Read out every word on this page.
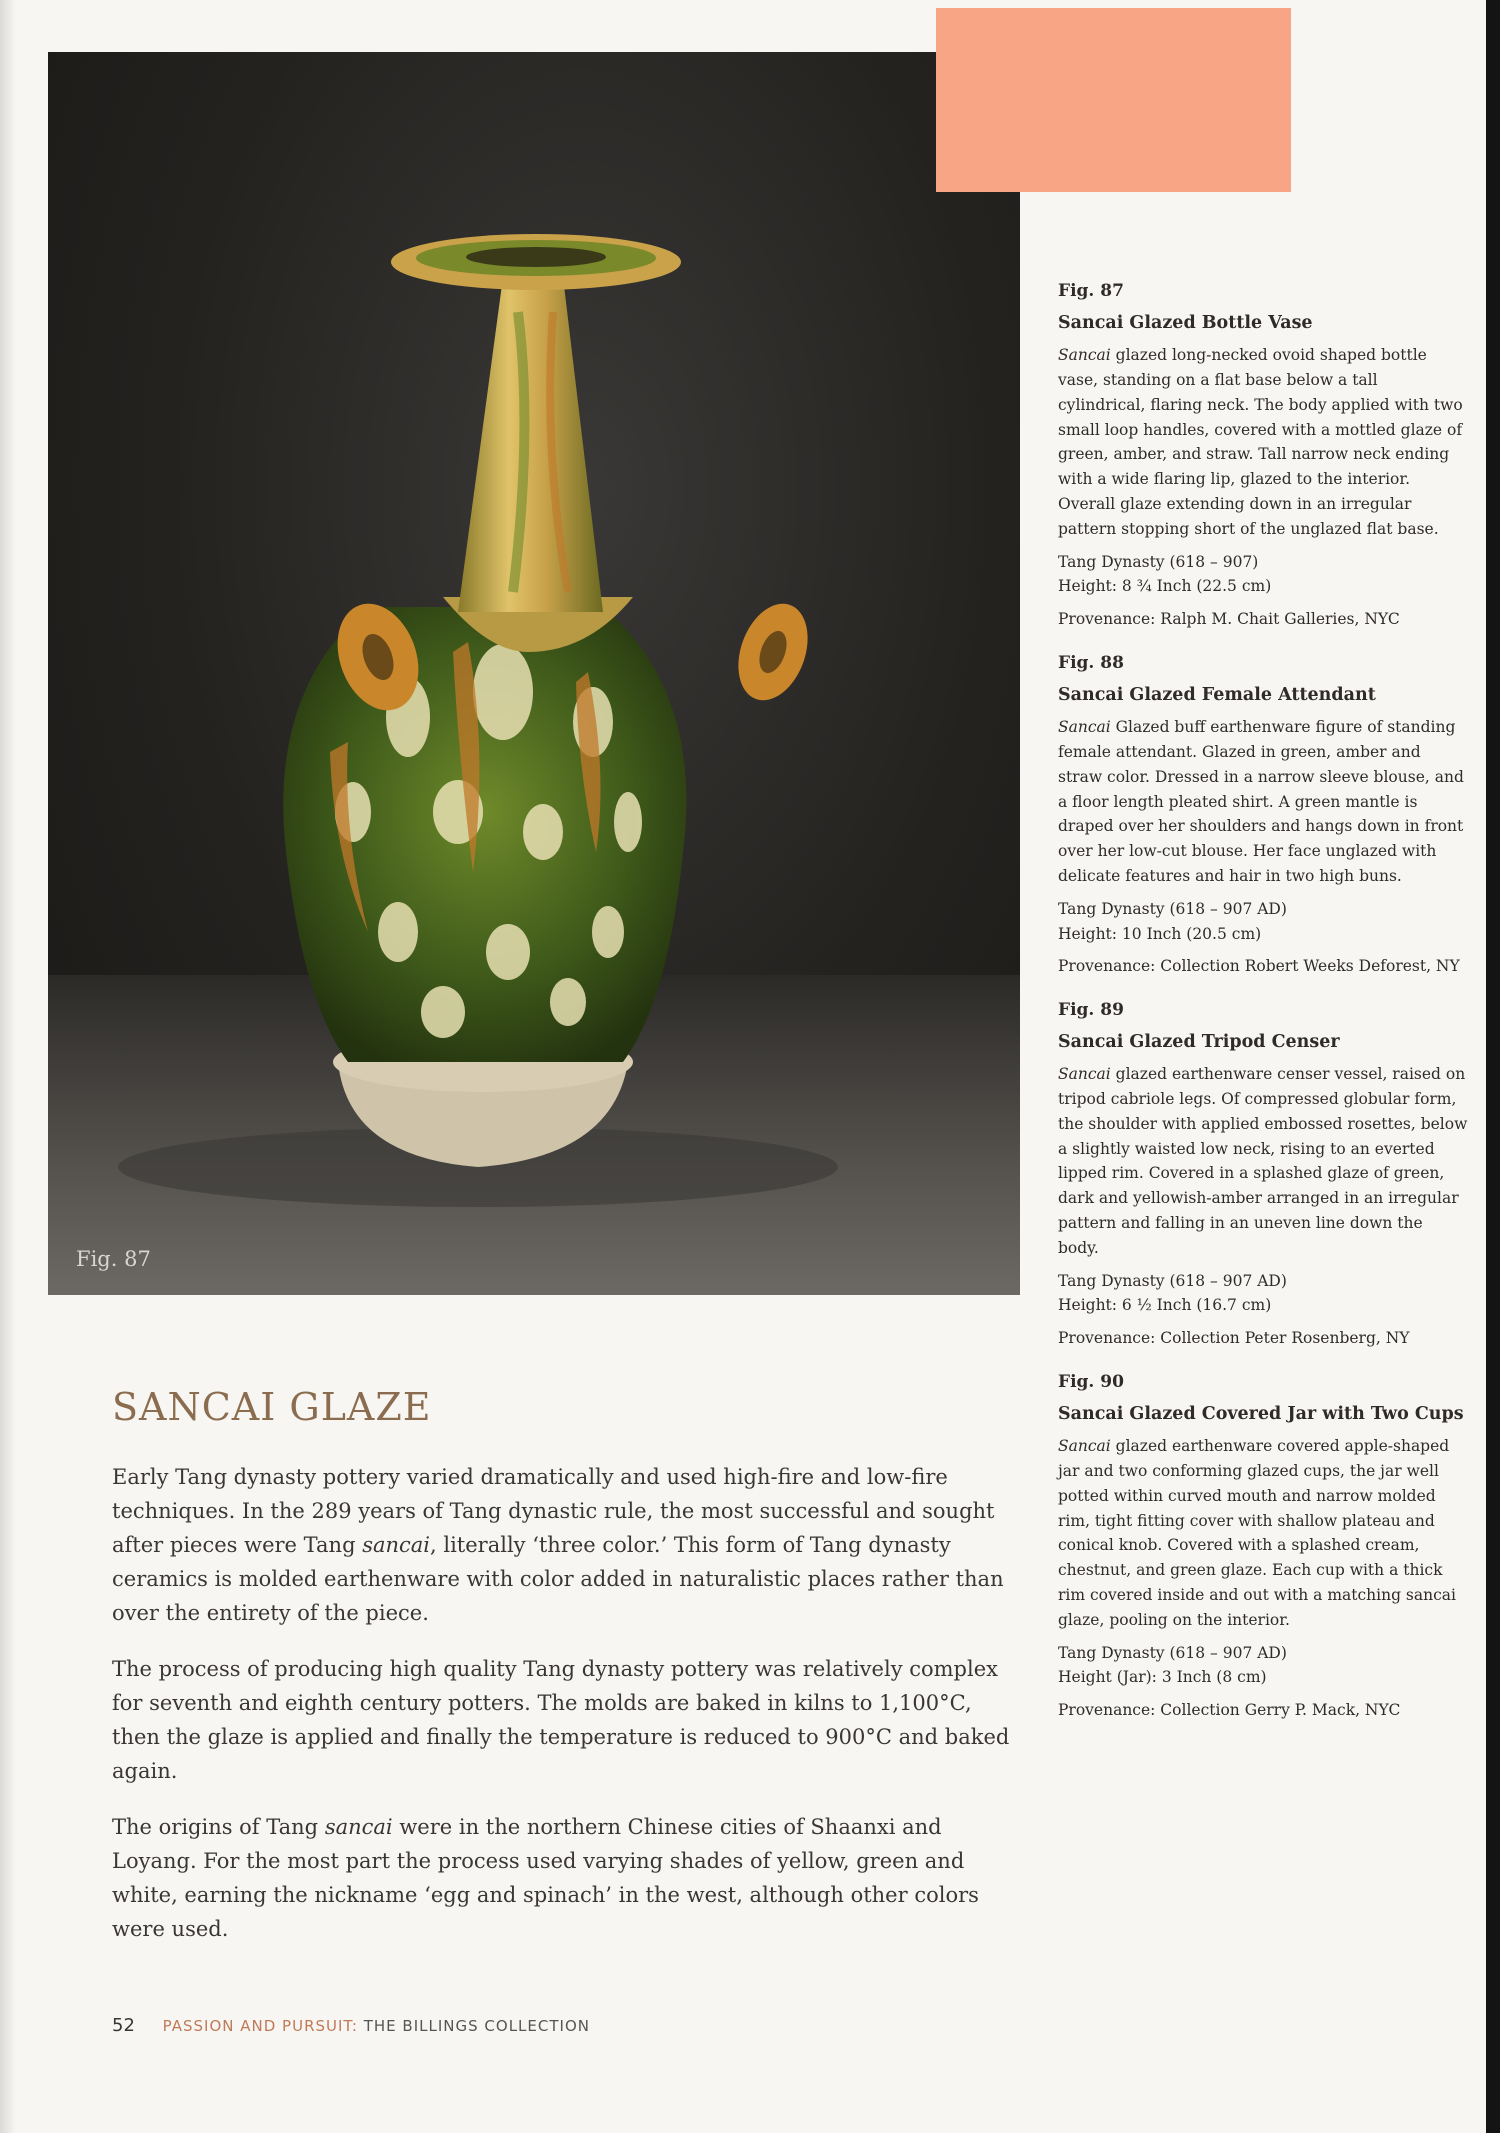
Fig. 87

Fig. 87

Sancai Glazed Bottle Vase

Sancai glazed long-necked ovoid shaped bottle vase, standing on a flat base below a tall cylindrical, flaring neck. The body applied with two small loop handles, covered with a mottled glaze of green, amber, and straw. Tall narrow neck ending with a wide flaring lip, glazed to the interior. Overall glaze extending down in an irregular pattern stopping short of the unglazed flat base.

Tang Dynasty (618 – 907)

Height: 8 ¾ Inch (22.5 cm)

Provenance: Ralph M. Chait Galleries, NYC

Fig. 88

Sancai Glazed Female Attendant

Sancai Glazed buff earthenware figure of standing female attendant. Glazed in green, amber and straw color. Dressed in a narrow sleeve blouse, and a floor length pleated shirt. A green mantle is draped over her shoulders and hangs down in front over her low-cut blouse. Her face unglazed with delicate features and hair in two high buns.

Tang Dynasty (618 – 907 AD)

Height: 10 Inch (20.5 cm)

Provenance: Collection Robert Weeks Deforest, NY

Fig. 89

Sancai Glazed Tripod Censer

Sancai glazed earthenware censer vessel, raised on tripod cabriole legs. Of compressed globular form, the shoulder with applied embossed rosettes, below a slightly waisted low neck, rising to an everted lipped rim. Covered in a splashed glaze of green, dark and yellowish-amber arranged in an irregular pattern and falling in an uneven line down the body.

Tang Dynasty (618 – 907 AD)

Height: 6 ½ Inch (16.7 cm)

Provenance: Collection Peter Rosenberg, NY

Fig. 90

Sancai Glazed Covered Jar with Two Cups

Sancai glazed earthenware covered apple-shaped jar and two conforming glazed cups, the jar well potted within curved mouth and narrow molded rim, tight fitting cover with shallow plateau and conical knob. Covered with a splashed cream, chestnut, and green glaze. Each cup with a thick rim covered inside and out with a matching sancai glaze, pooling on the interior.

Tang Dynasty (618 – 907 AD)

Height (Jar): 3 Inch (8 cm)

Provenance: Collection Gerry P. Mack, NYC

SANCAI GLAZE

Early Tang dynasty pottery varied dramatically and used high-fire and low-fire techniques. In the 289 years of Tang dynastic rule, the most successful and sought after pieces were Tang sancai, literally ‘three color.’ This form of Tang dynasty ceramics is molded earthenware with color added in naturalistic places rather than over the entirety of the piece.

The process of producing high quality Tang dynasty pottery was relatively complex for seventh and eighth century potters. The molds are baked in kilns to 1,100°C, then the glaze is applied and finally the temperature is reduced to 900°C and baked again.

The origins of Tang sancai were in the northern Chinese cities of Shaanxi and Loyang. For the most part the process used varying shades of yellow, green and white, earning the nickname ‘egg and spinach’ in the west, although other colors were used.

52 PASSION AND PURSUIT: THE BILLINGS COLLECTION
